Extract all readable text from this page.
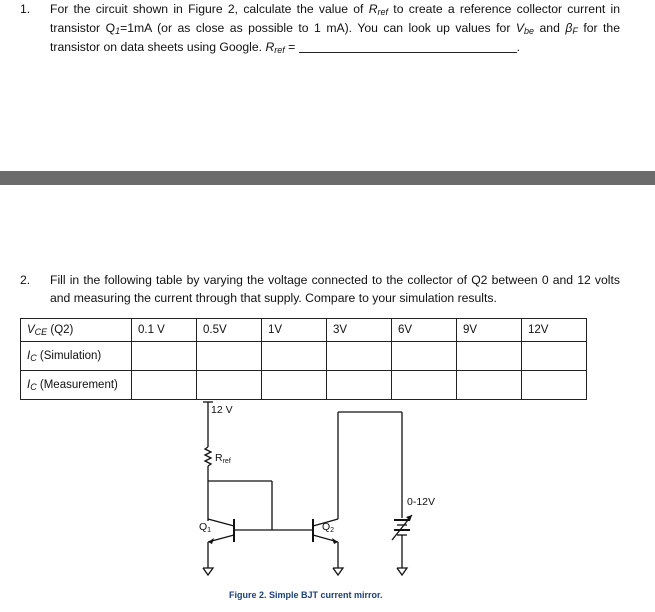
1. For the circuit shown in Figure 2, calculate the value of Rref to create a reference collector current in transistor Q1=1mA (or as close as possible to 1 mA). You can look up values for Vbe and βF for the transistor on data sheets using Google. Rref =	.
2. Fill in the following table by varying the voltage connected to the collector of Q2 between 0 and 12 volts and measuring the current through that supply. Compare to your simulation results.
VCE (Q2)	0.1 V	0.5V	1V	3V	6V	9V	12V
IC (Simulation)							
IC (Measurement)							
12 V
Rref
Q1	Q2
0-12V
Figure 2. Simple BJT current mirror.
